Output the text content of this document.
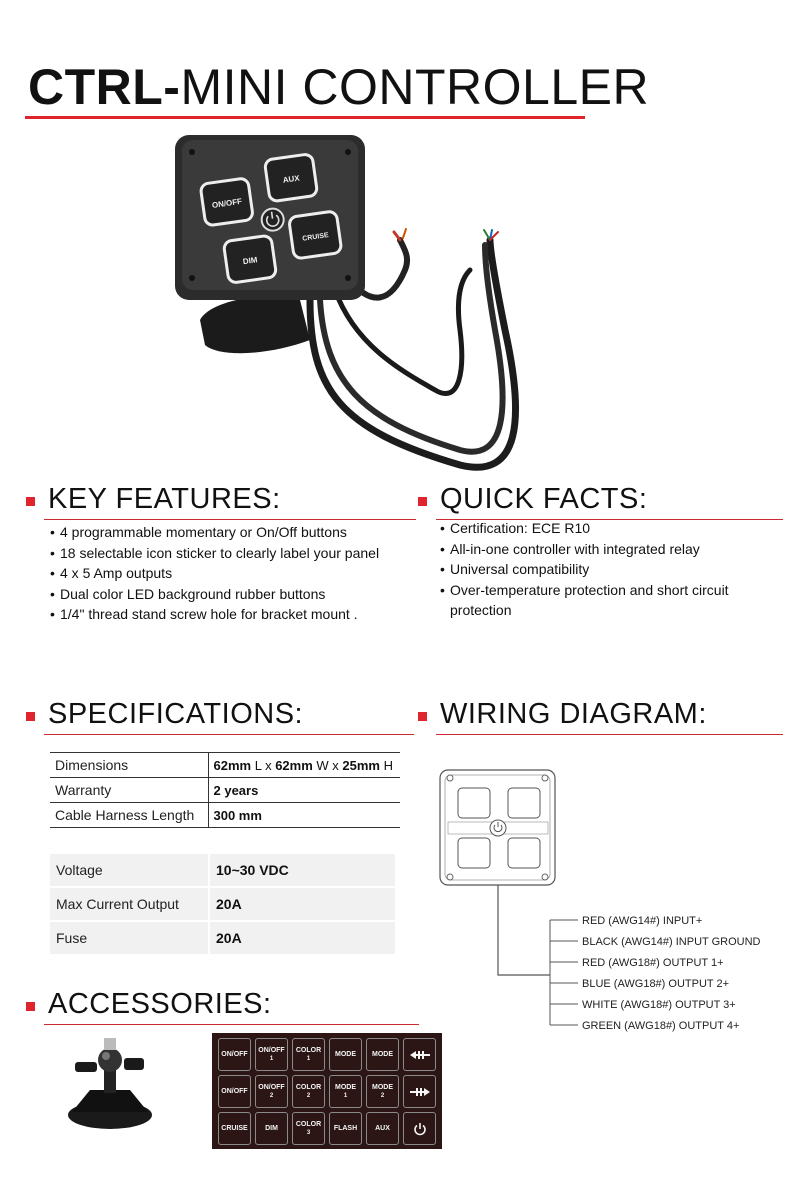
CTRL-MINI CONTROLLER
ON/OFF
AUX
DIM
CRUISE
KEY FEATURES:
• 4 programmable momentary or On/Off buttons
• 18 selectable icon sticker to clearly label your panel
• 4 x 5 Amp outputs
• Dual color LED background rubber buttons
• 1/4" thread stand screw hole for bracket mount .
QUICK FACTS:
• Certification: ECE R10
• All-in-one controller with integrated relay
• Universal compatibility
• Over-temperature protection and short circuit protection
SPECIFICATIONS:
Dimensions	62mm L x 62mm W x 25mm H
Warranty	2 years
Cable Harness Length	300 mm
Voltage	10~30 VDC
Max Current Output	20A
Fuse	20A
WIRING DIAGRAM:
RED (AWG14#) INPUT+
BLACK (AWG14#) INPUT GROUND
RED (AWG18#) OUTPUT 1+
BLUE (AWG18#) OUTPUT 2+
WHITE (AWG18#) OUTPUT 3+
GREEN (AWG18#) OUTPUT 4+
ACCESSORIES:
ON/OFF
ON/OFF
1
COLOR
1
MODE MODE
ON/OFF
ON/OFF
2
COLOR
2
MODE
1
MODE
2
CRUISE DIM
COLOR
3
FLASH	AUX
